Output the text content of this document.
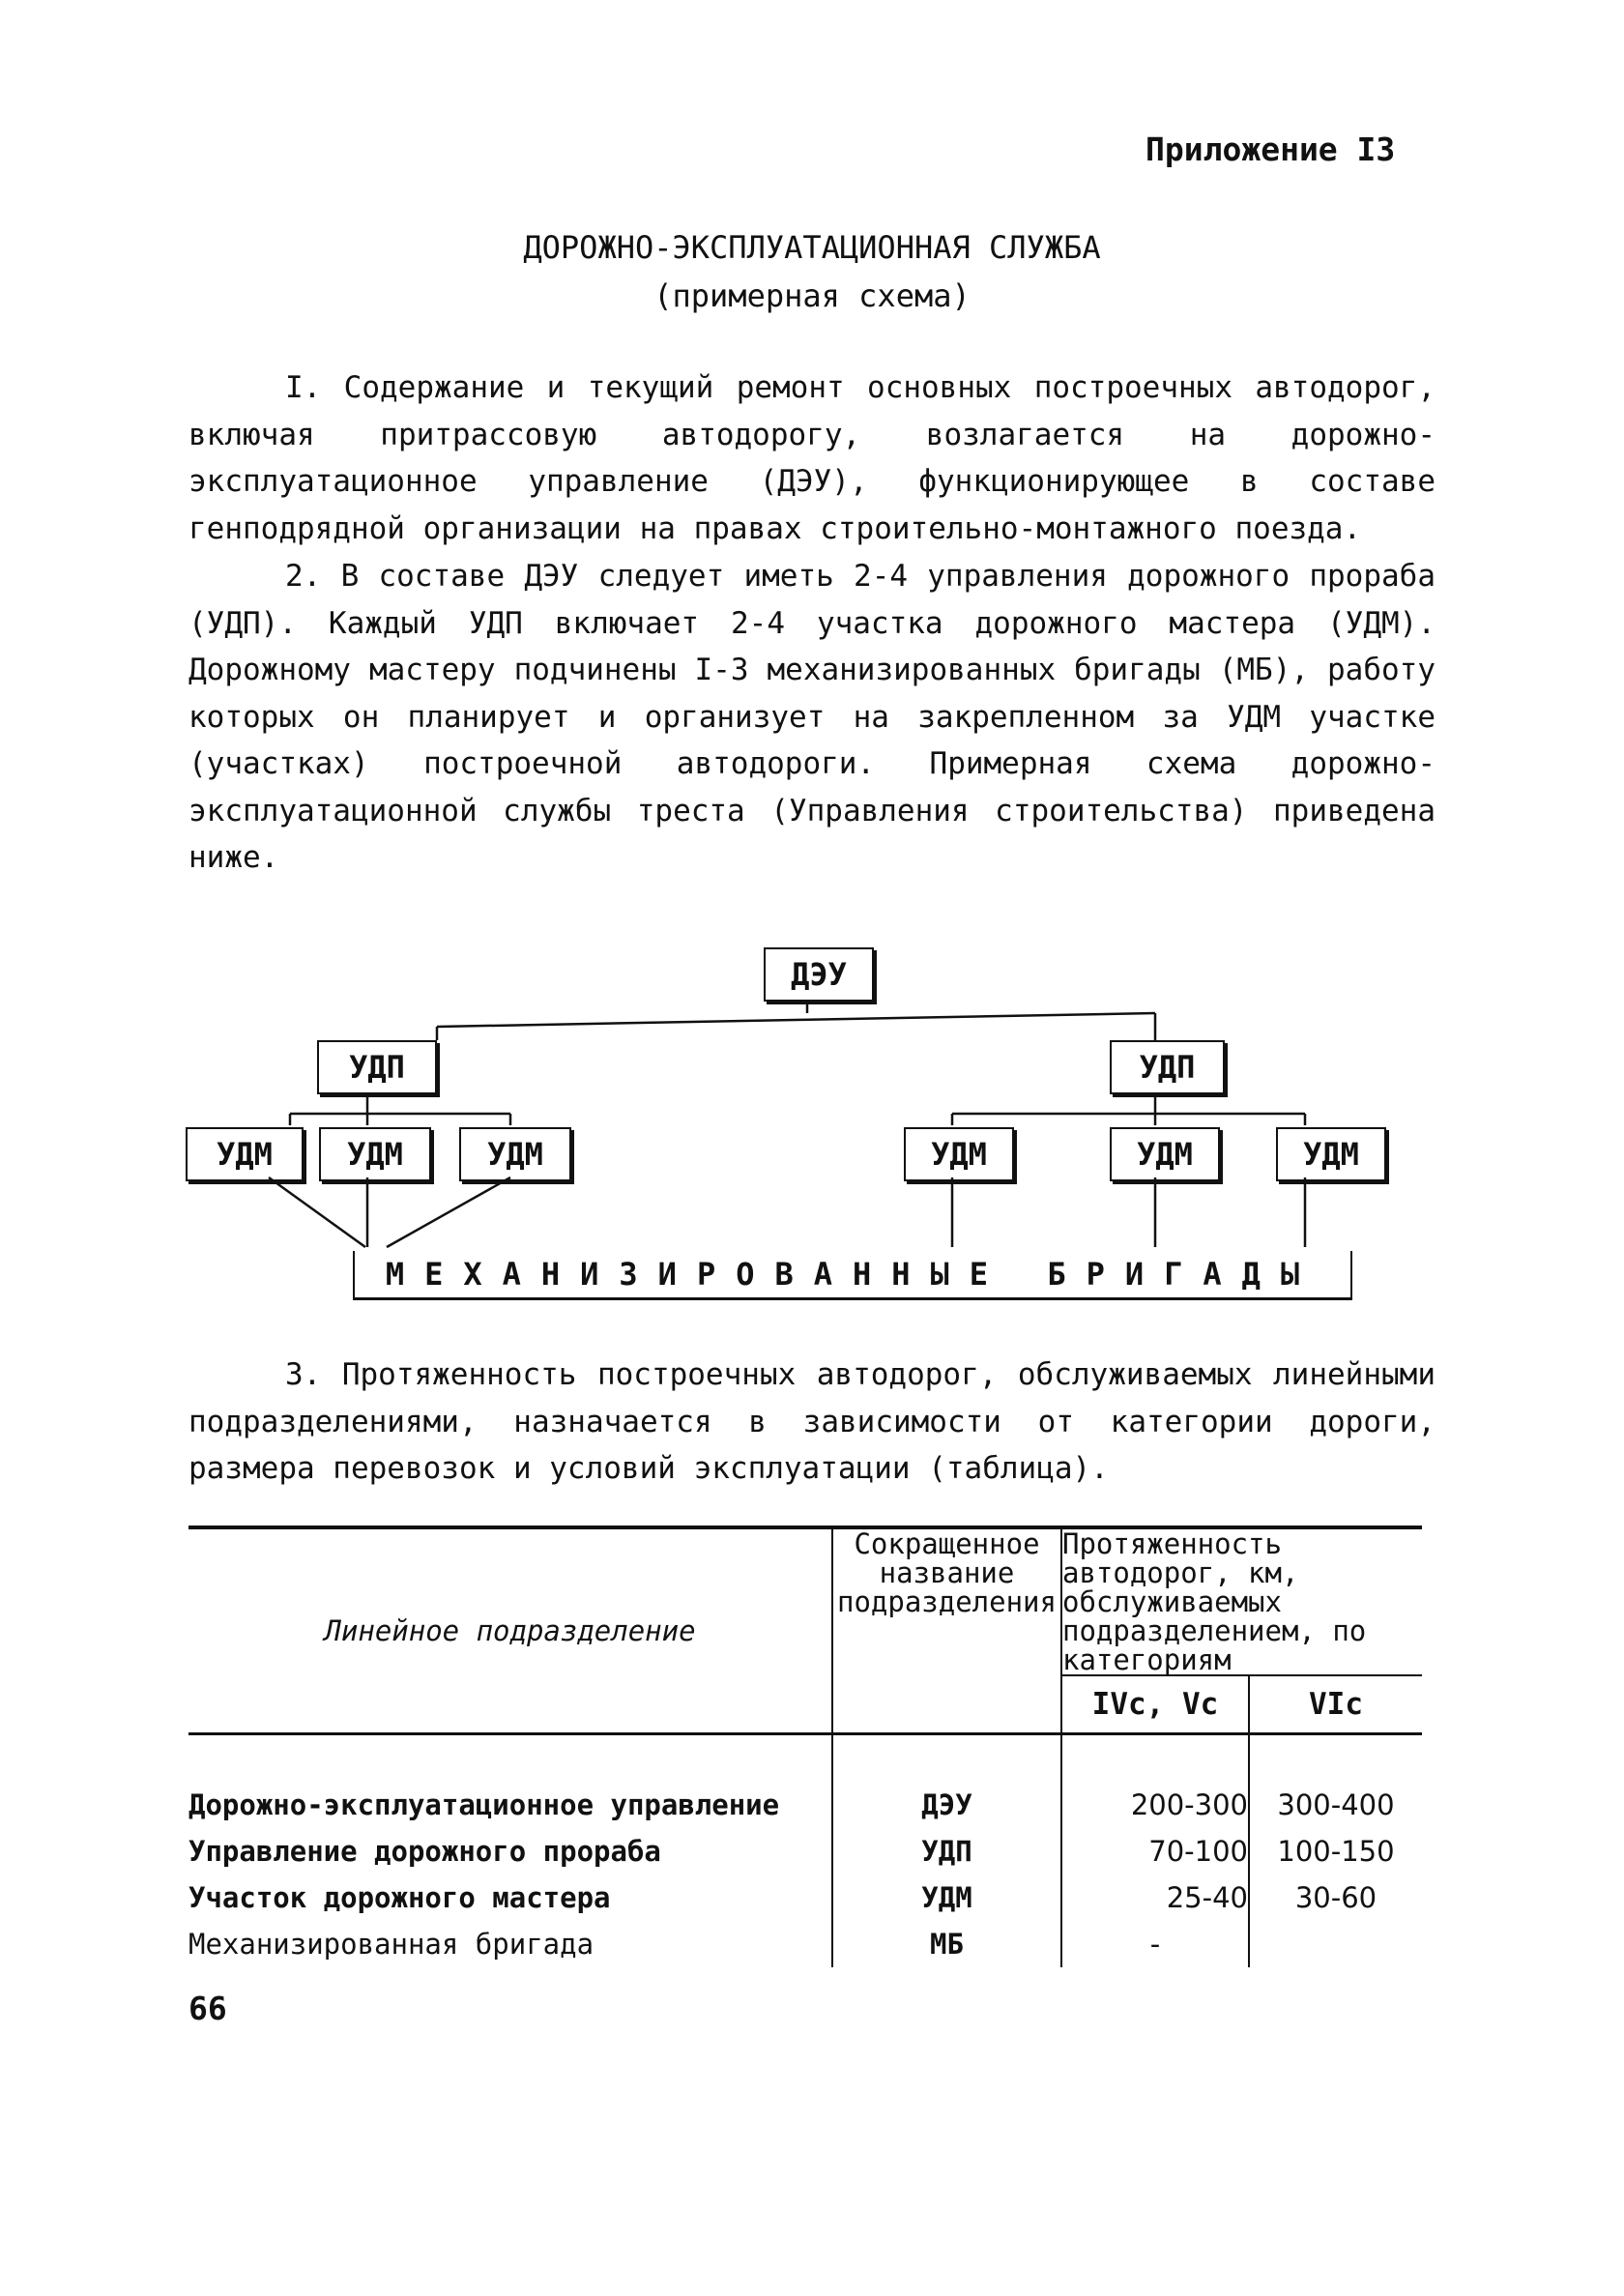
Приложение I3
ДОРОЖНО-ЭКСПЛУАТАЦИОННАЯ СЛУЖБА
(примерная схема)

I. Содержание и текущий ремонт основных построечных автодорог, включая притрассовую автодорогу, возлагается на дорожно-эксплуатационное управление (ДЭУ), функционирующее в составе генподрядной организации на правах строительно-монтажного поезда.

2. В составе ДЭУ следует иметь 2-4 управления дорожного прораба (УДП). Каждый УДП включает 2-4 участка дорожного мастера (УДМ). Дорожному мастеру подчинены I-3 механизированных бригады (МБ), работу которых он планирует и организует на закрепленном за УДМ участке (участках) построечной автодороги. Примерная схема дорожно-эксплуатационной службы треста (Управления строительства) приведена ниже.

ДЭУ
УДП	УДП
УДМ	УДМ	УДМ	УДМ	УДМ	УДМ
МЕХАНИЗИРОВАННЫЕ БРИГАДЫ

3. Протяженность построечных автодорог, обслуживаемых линейными подразделениями, назначается в зависимости от категории дороги, размера перевозок и условий эксплуатации (таблица).

Линейное подразделение	Сокращенное название подразделения	Протяженность автодорог, км, обслуживаемых подразделением, по категориям	
		IVс, Vс	VIс
Дорожно-эксплуатационное управление	ДЭУ	200-300	300-400
Управление дорожного прораба	УДП	70-100	100-150
Участок дорожного мастера	УДМ	25-40	30-60
Механизированная бригада	МБ	-	
66
